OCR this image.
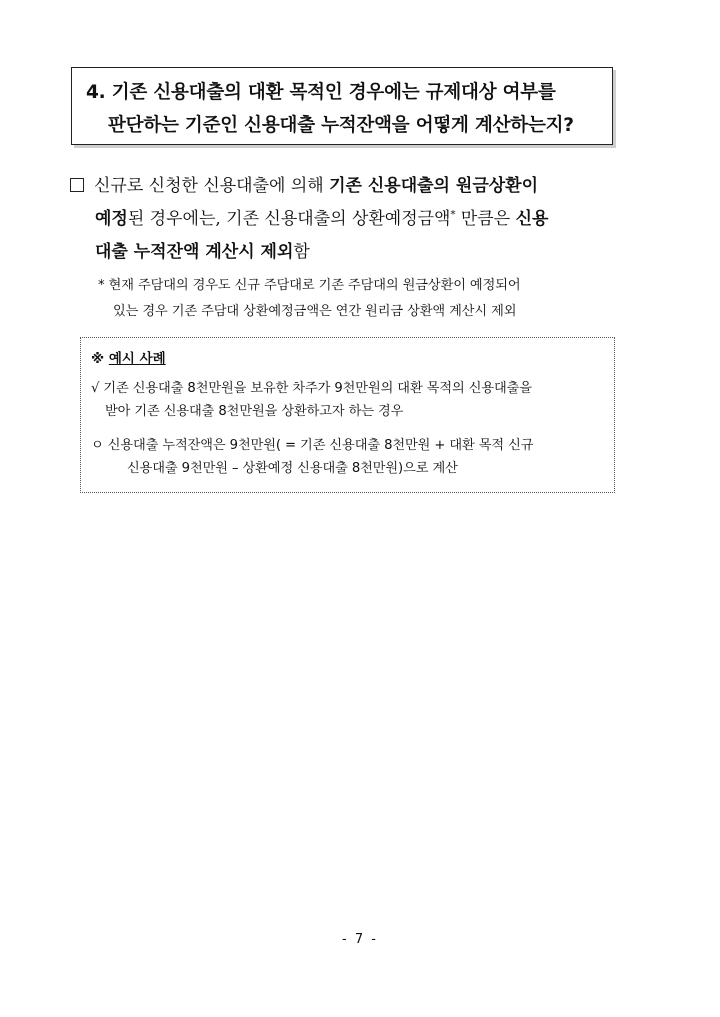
4. 기존 신용대출의 대환 목적인 경우에는 규제대상 여부를
판단하는 기준인 신용대출 누적잔액을 어떻게 계산하는지?
신규로 신청한 신용대출에 의해 기존 신용대출의 원금상환이
예정된 경우에는, 기존 신용대출의 상환예정금액* 만큼은 신용
대출 누적잔액 계산시 제외함
* 현재 주담대의 경우도 신규 주담대로 기존 주담대의 원금상환이 예정되어
있는 경우 기존 주담대 상환예정금액은 연간 원리금 상환액 계산시 제외
※ 예시 사례
√ 기존 신용대출 8천만원을 보유한 차주가 9천만원의 대환 목적의 신용대출을
받아 기존 신용대출 8천만원을 상환하고자 하는 경우
ㅇ 신용대출 누적잔액은 9천만원( = 기존 신용대출 8천만원 + 대환 목적 신규
신용대출 9천만원 – 상환예정 신용대출 8천만원)으로 계산
- 7 -
